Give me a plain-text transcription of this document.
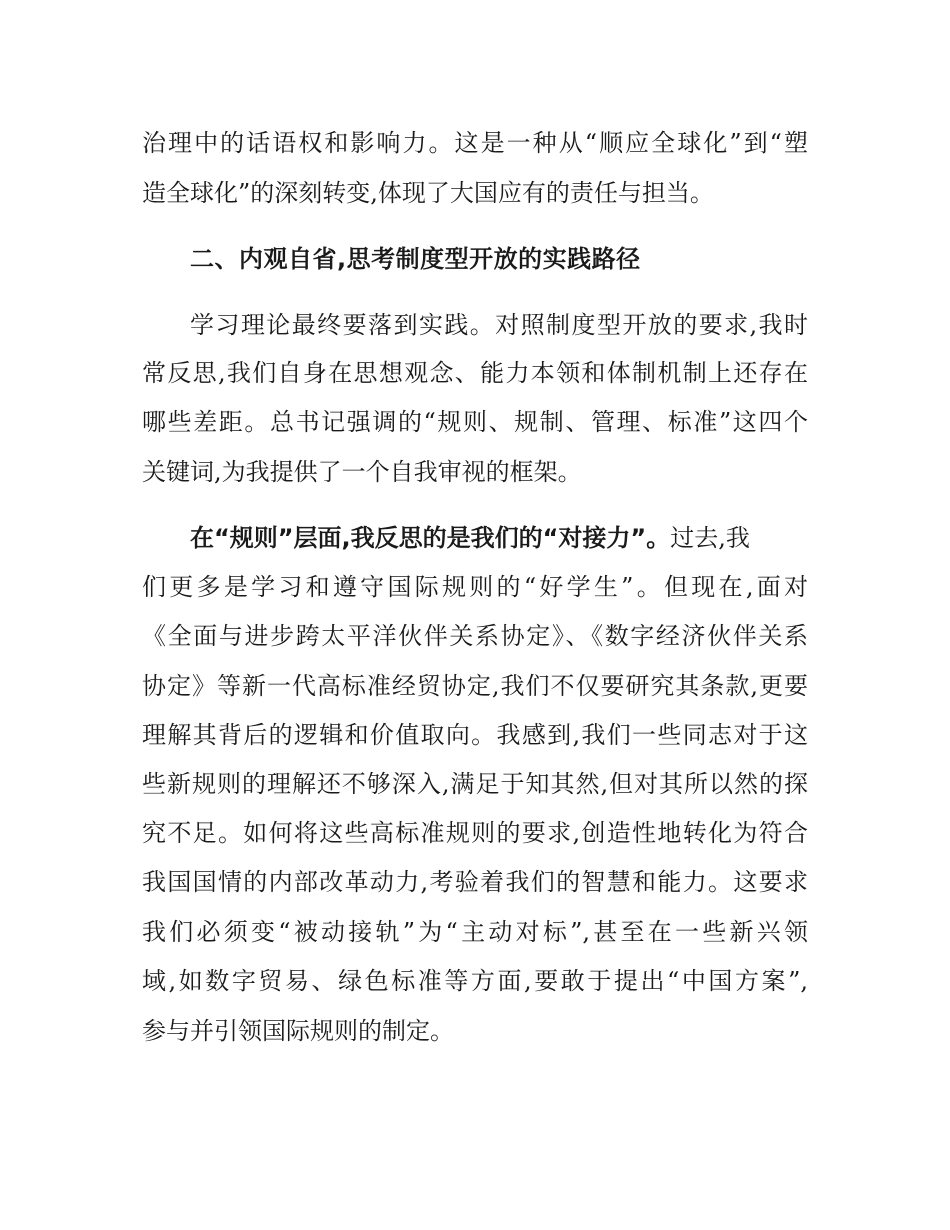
治理中的话语权和影响力。这是一种从“顺应全球化”到“塑
造全球化”的深刻转变,体现了大国应有的责任与担当。
二、内观自省,思考制度型开放的实践路径
学习理论最终要落到实践。对照制度型开放的要求,我时
常反思,我们自身在思想观念、能力本领和体制机制上还存在
哪些差距。总书记强调的“规则、规制、管理、标准”这四个
关键词,为我提供了一个自我审视的框架。
在“规则”层面,我反思的是我们的“对接力”。过去,我
们更多是学习和遵守国际规则的“好学生”。但现在,面对
《全面与进步跨太平洋伙伴关系协定》、《数字经济伙伴关系
协定》等新一代高标准经贸协定,我们不仅要研究其条款,更要
理解其背后的逻辑和价值取向。我感到,我们一些同志对于这
些新规则的理解还不够深入,满足于知其然,但对其所以然的探
究不足。如何将这些高标准规则的要求,创造性地转化为符合
我国国情的内部改革动力,考验着我们的智慧和能力。这要求
我们必须变“被动接轨”为“主动对标”,甚至在一些新兴领
域,如数字贸易、绿色标准等方面,要敢于提出“中国方案”,
参与并引领国际规则的制定。
